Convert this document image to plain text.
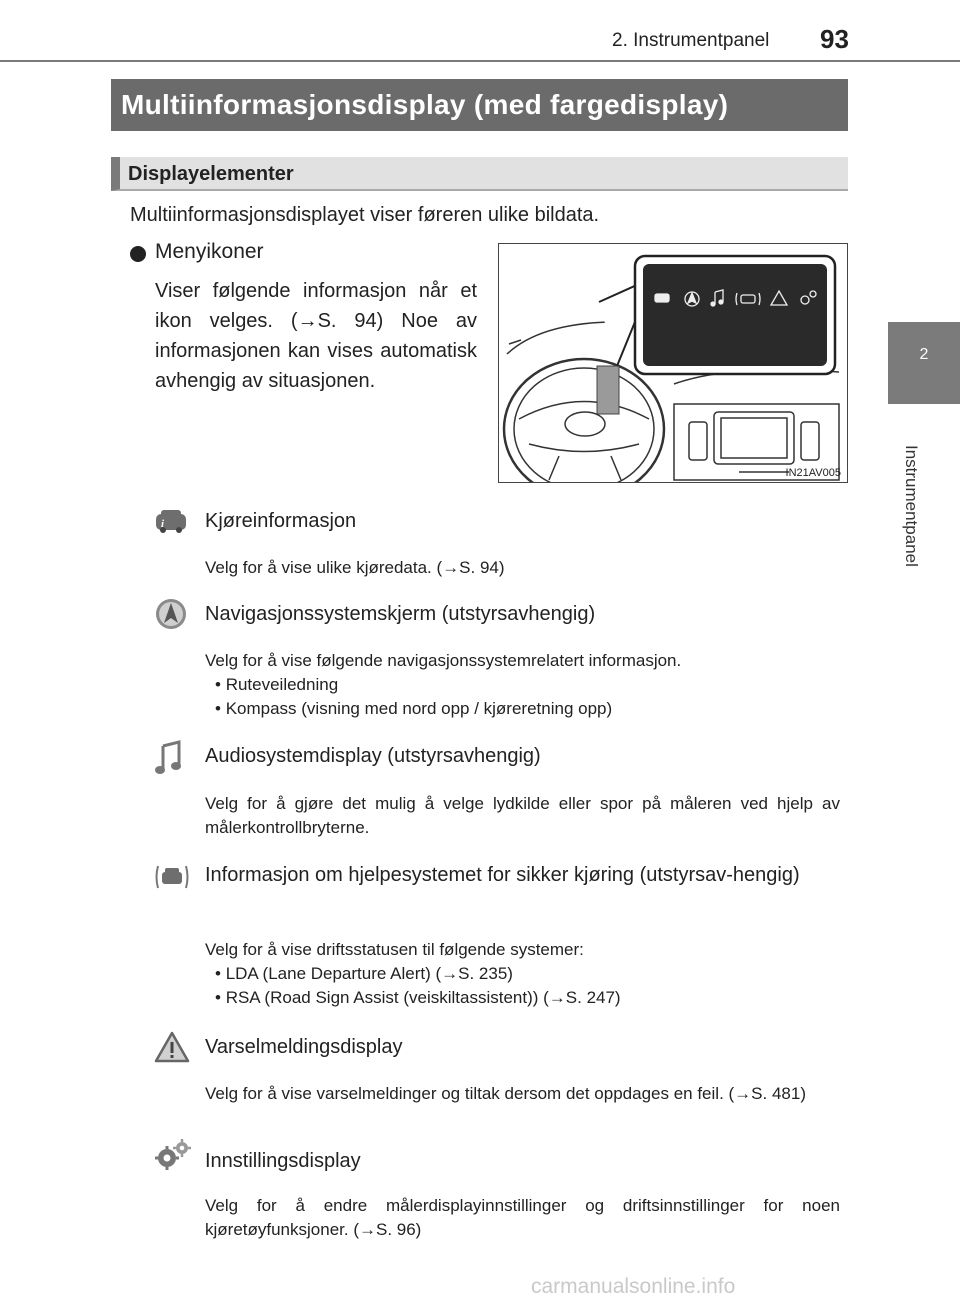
2. Instrumentpanel 93
2
Instrumentpanel
Multiinformasjonsdisplay (med fargedisplay)
Displayelementer
Multiinformasjonsdisplayet viser føreren ulike bildata.
Menyikoner
Viser følgende informasjon når et ikon velges. (→S. 94) Noe av informasjonen kan vises automatisk avhengig av situasjonen.
IN21AV005
i Kjøreinformasjon
Velg for å vise ulike kjøredata. (→S. 94)
Navigasjonssystemskjerm (utstyrsavhengig)
Velg for å vise følgende navigasjonssystemrelatert informasjon.
• Ruteveiledning
• Kompass (visning med nord opp / kjøreretning opp)
Audiosystemdisplay (utstyrsavhengig)
Velg for å gjøre det mulig å velge lydkilde eller spor på måleren ved hjelp av målerkontrollbryterne.
Informasjon om hjelpesystemet for sikker kjøring (utstyrsav-hengig)
Velg for å vise driftsstatusen til følgende systemer:
• LDA (Lane Departure Alert) (→S. 235)
• RSA (Road Sign Assist (veiskiltassistent)) (→S. 247)
Varselmeldingsdisplay
Velg for å vise varselmeldinger og tiltak dersom det oppdages en feil. (→S. 481)
Innstillingsdisplay
Velg for å endre målerdisplayinnstillinger og driftsinnstillinger for noen kjøretøyfunksjoner. (→S. 96)
carmanualsonline.info
